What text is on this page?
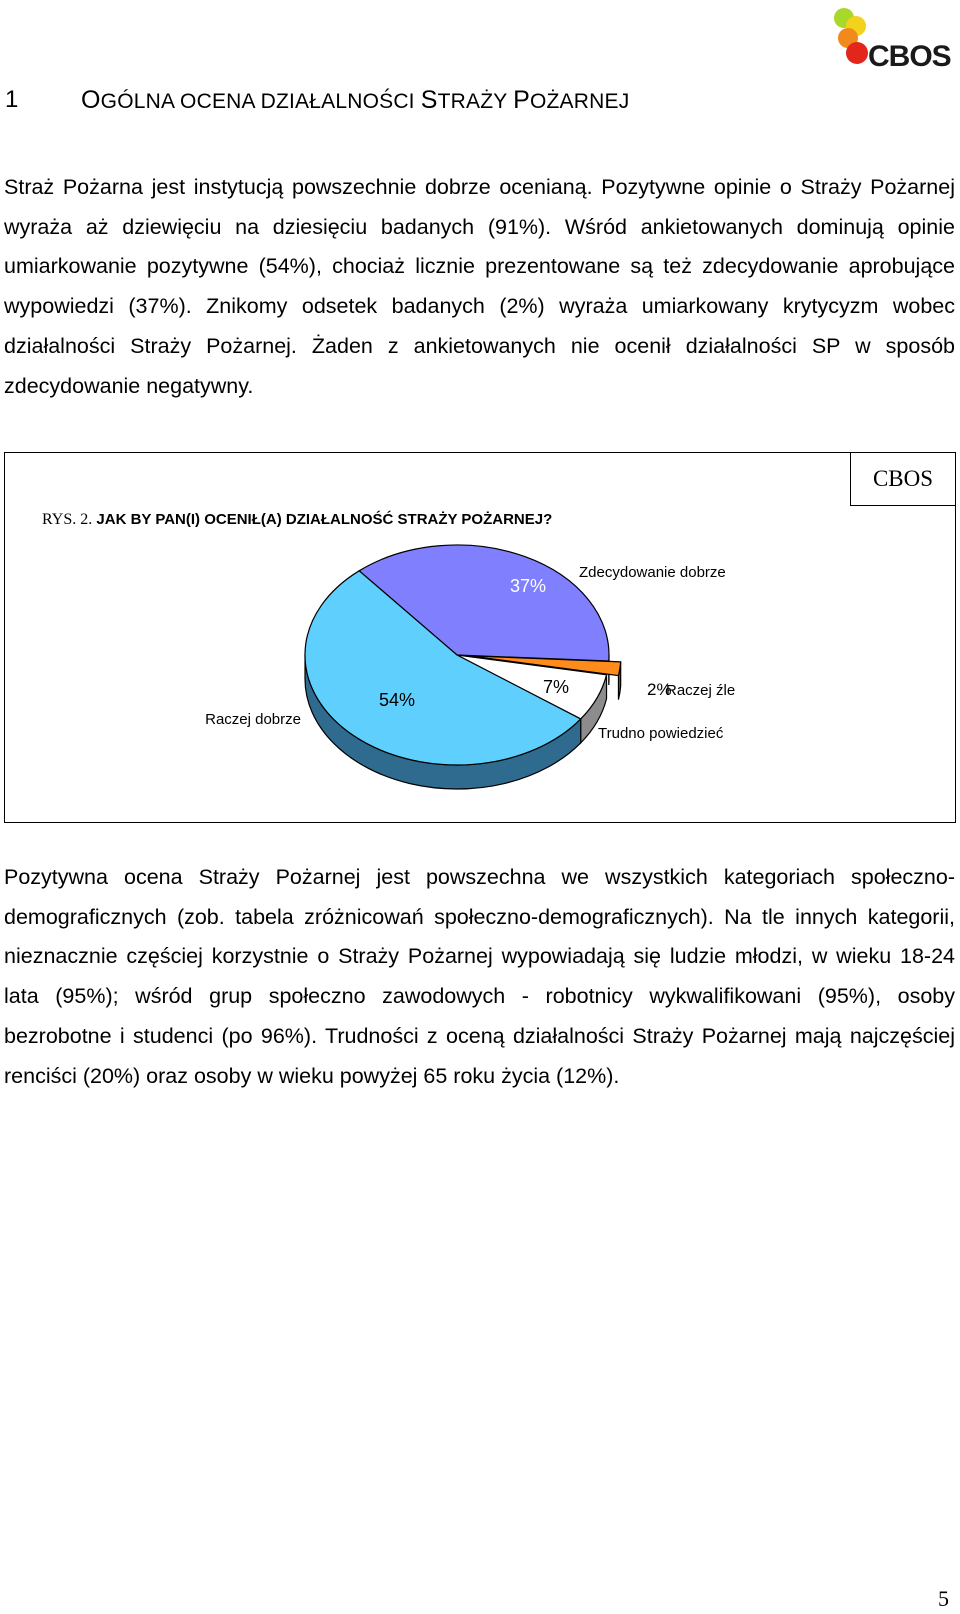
CBOS
1	OGÓLNA OCENA DZIAŁALNOŚCI STRAŻY POŻARNEJ

Straż Pożarna jest instytucją powszechnie dobrze ocenianą. Pozytywne opinie o Straży Pożarnej wyraża aż dziewięciu na dziesięciu badanych (91%). Wśród ankietowanych dominują opinie umiarkowanie pozytywne (54%), chociaż licznie prezentowane są też zdecydowanie aprobujące wypowiedzi (37%). Znikomy odsetek badanych (2%) wyraża umiarkowany krytycyzm wobec działalności Straży Pożarnej. Żaden z ankietowanych nie ocenił działalności SP w sposób zdecydowanie negatywny.

CBOS
RYS. 2. JAK BY PAN(I) OCENIŁ(A) DZIAŁALNOŚĆ STRAŻY POŻARNEJ?
37%
Zdecydowanie dobrze
2%
Raczej źle
7%
Trudno powiedzieć
54%
Raczej dobrze

Pozytywna ocena Straży Pożarnej jest powszechna we wszystkich kategoriach społeczno-demograficznych (zob. tabela zróżnicowań społeczno-demograficznych). Na tle innych kategorii, nieznacznie częściej korzystnie o Straży Pożarnej wypowiadają się ludzie młodzi, w wieku 18-24 lata (95%); wśród grup społeczno zawodowych - robotnicy wykwalifikowani (95%), osoby bezrobotne i studenci (po 96%). Trudności z oceną działalności Straży Pożarnej mają najczęściej renciści (20%) oraz osoby w wieku powyżej 65 roku życia (12%).

5
